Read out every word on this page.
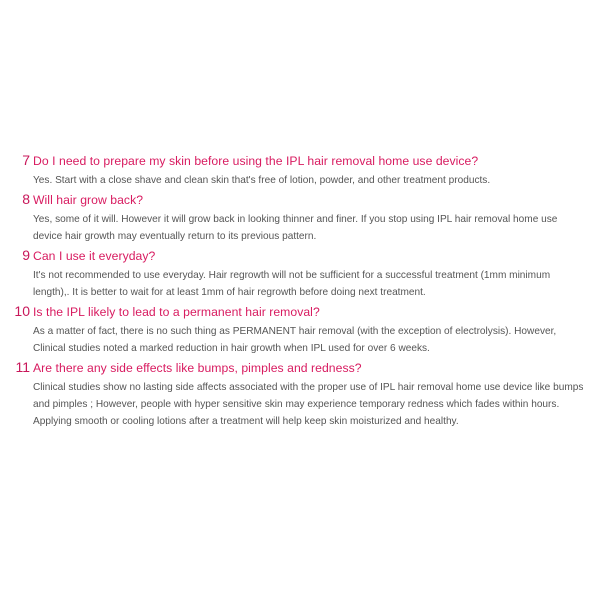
7 Do I need to prepare my skin before using the IPL hair removal home use device?
Yes. Start with a close shave and clean skin that's free of lotion, powder, and other treatment products.
8 Will hair grow back?
Yes, some of it will. However it will grow back in looking thinner and finer. If you stop using IPL hair removal home use device hair growth may eventually return to its previous pattern.
9 Can I use it everyday?
It's not recommended to use everyday. Hair regrowth will not be sufficient for a successful treatment (1mm minimum length),. It is better to wait for at least 1mm of hair regrowth before doing next treatment.
10 Is the IPL likely to lead to a permanent hair removal?
As a matter of fact, there is no such thing as PERMANENT hair removal (with the exception of electrolysis). However, Clinical studies noted a marked reduction in hair growth when IPL used for over 6 weeks.
11 Are there any side effects like bumps, pimples and redness?
Clinical studies show no lasting side affects associated with the proper use of IPL hair removal home use device like bumps and pimples ; However, people with hyper sensitive skin may experience temporary redness which fades within hours. Applying smooth or cooling lotions after a treatment will help keep skin moisturized and healthy.
